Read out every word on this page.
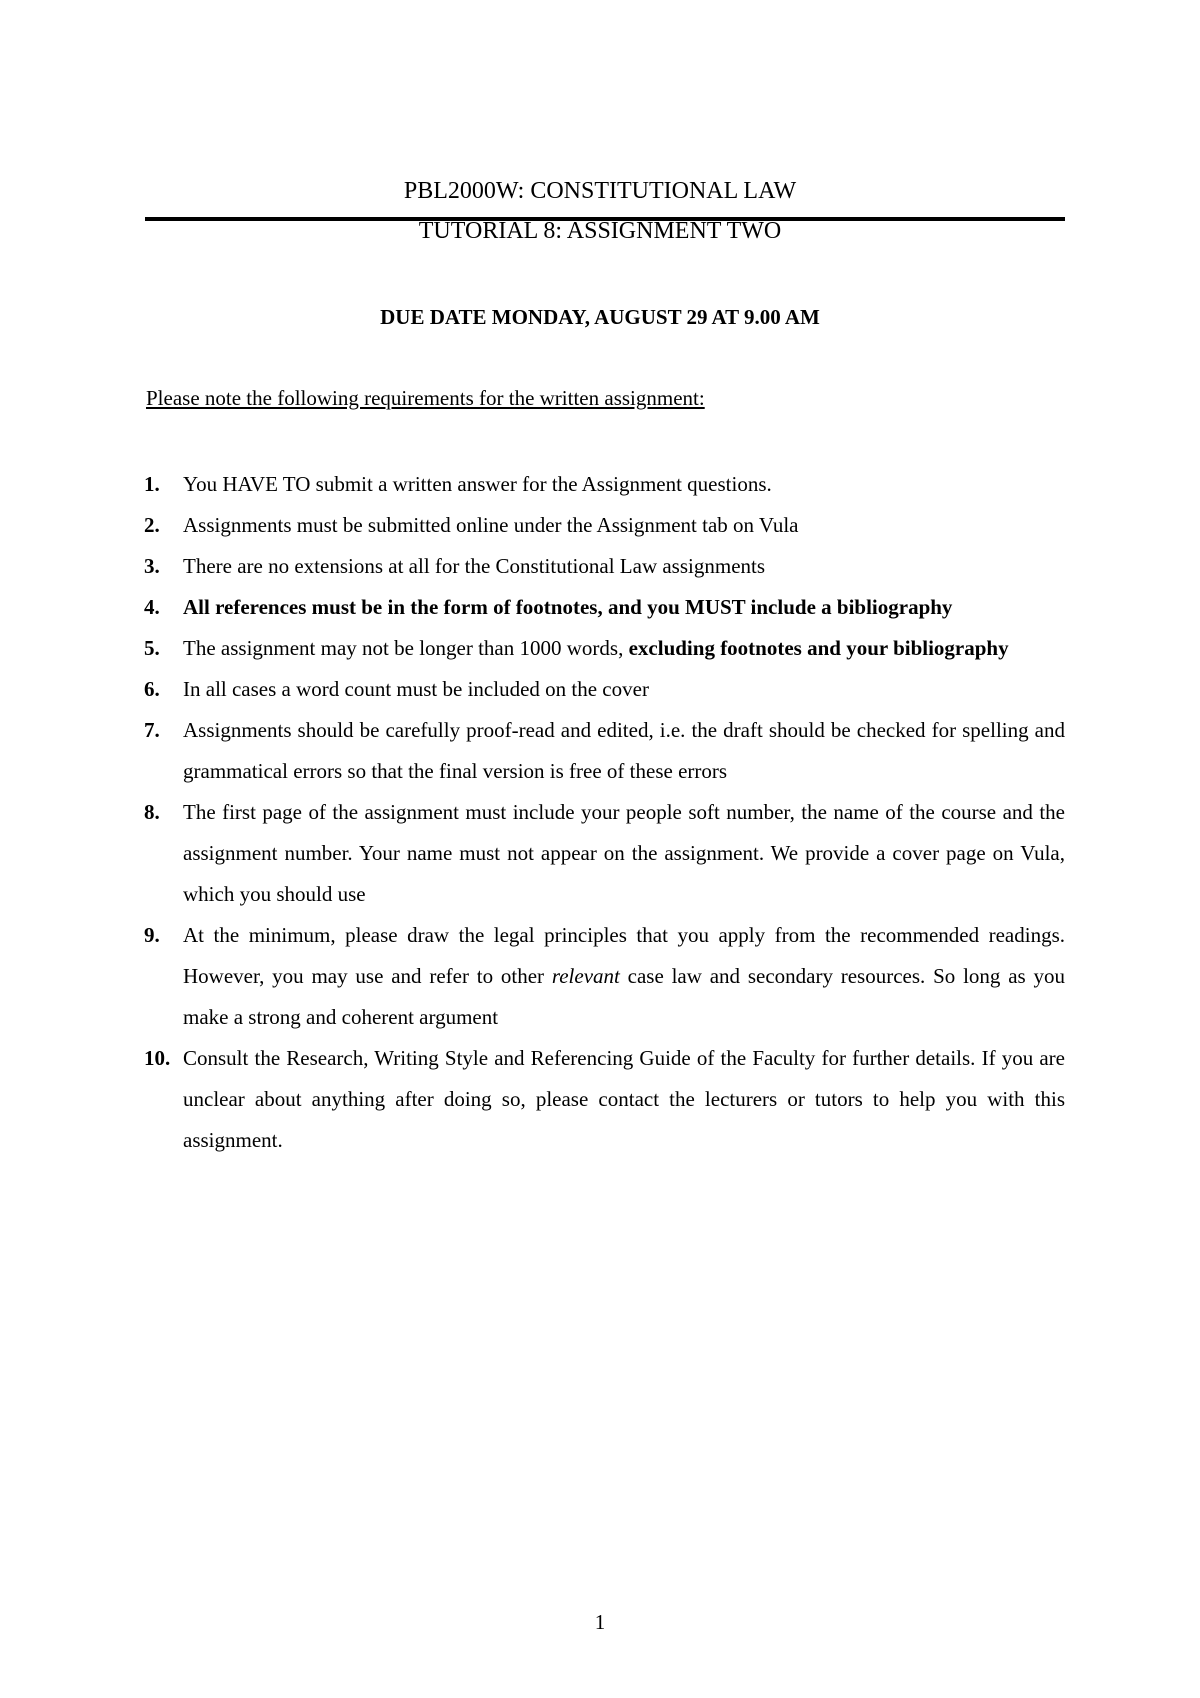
PBL2000W: CONSTITUTIONAL LAW
TUTORIAL 8: ASSIGNMENT TWO
DUE DATE MONDAY, AUGUST 29 AT 9.00 AM
Please note the following requirements for the written assignment:
1. You HAVE TO submit a written answer for the Assignment questions.
2. Assignments must be submitted online under the Assignment tab on Vula
3. There are no extensions at all for the Constitutional Law assignments
4. All references must be in the form of footnotes, and you MUST include a bibliography
5. The assignment may not be longer than 1000 words, excluding footnotes and your bibliography
6. In all cases a word count must be included on the cover
7. Assignments should be carefully proof-read and edited, i.e. the draft should be checked for spelling and grammatical errors so that the final version is free of these errors
8. The first page of the assignment must include your people soft number, the name of the course and the assignment number. Your name must not appear on the assignment. We provide a cover page on Vula, which you should use
9. At the minimum, please draw the legal principles that you apply from the recommended readings. However, you may use and refer to other relevant case law and secondary resources. So long as you make a strong and coherent argument
10. Consult the Research, Writing Style and Referencing Guide of the Faculty for further details. If you are unclear about anything after doing so, please contact the lecturers or tutors to help you with this assignment.
1
